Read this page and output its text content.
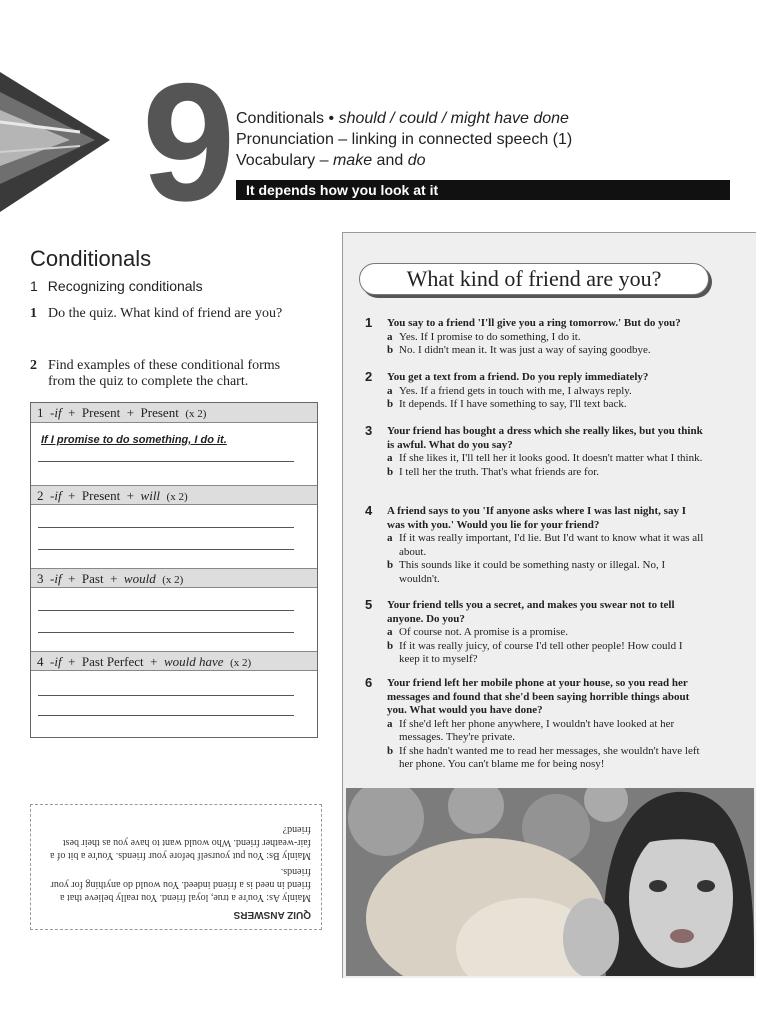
9 Conditionals • should / could / might have done
Pronunciation – linking in connected speech (1)
Vocabulary – make and do
It depends how you look at it
Conditionals
1 Recognizing conditionals
1 Do the quiz. What kind of friend are you?
2 Find examples of these conditional forms
from the quiz to complete the chart.
1 -if + Present + Present (x 2)
If I promise to do something, I do it.
2 -if + Present + will (x 2)
3 -if + Past + would (x 2)
4 -if + Past Perfect + would have (x 2)
QUIZ ANSWERS

Mainly As: You're a true, loyal friend. You really believe that a friend in need is a friend indeed. You would do anything for your friends.

Mainly Bs: You put yourself before your friends. You're a bit of a fair-weather friend. Who would want to have you as their best friend?

What kind of friend are you?
1	You say to a friend 'I'll give you a ring tomorrow.' But do you?
a Yes. If I promise to do something, I do it.
b No. I didn't mean it. It was just a way of saying goodbye.
2	You get a text from a friend. Do you reply immediately?
a Yes. If a friend gets in touch with me, I always reply.
b It depends. If I have something to say, I'll text back.
3	Your friend has bought a dress which she really likes, but you think is awful. What do you say?
a If she likes it, I'll tell her it looks good. It doesn't matter what I think.
b I tell her the truth. That's what friends are for.
4	A friend says to you 'If anyone asks where I was last night, say I was with you.' Would you lie for your friend?
a If it was really important, I'd lie. But I'd want to know what it was all about.
b This sounds like it could be something nasty or illegal. No, I wouldn't.
5	Your friend tells you a secret, and makes you swear not to tell anyone. Do you?
a Of course not. A promise is a promise.
b If it was really juicy, of course I'd tell other people! How could I keep it to myself?
6	Your friend left her mobile phone at your house, so you read her messages and found that she'd been saying horrible things about you. What would you have done?
a If she'd left her phone anywhere, I wouldn't have looked at her messages. They're private.
b If she hadn't wanted me to read her messages, she wouldn't have left her phone. You can't blame me for being nosy!
